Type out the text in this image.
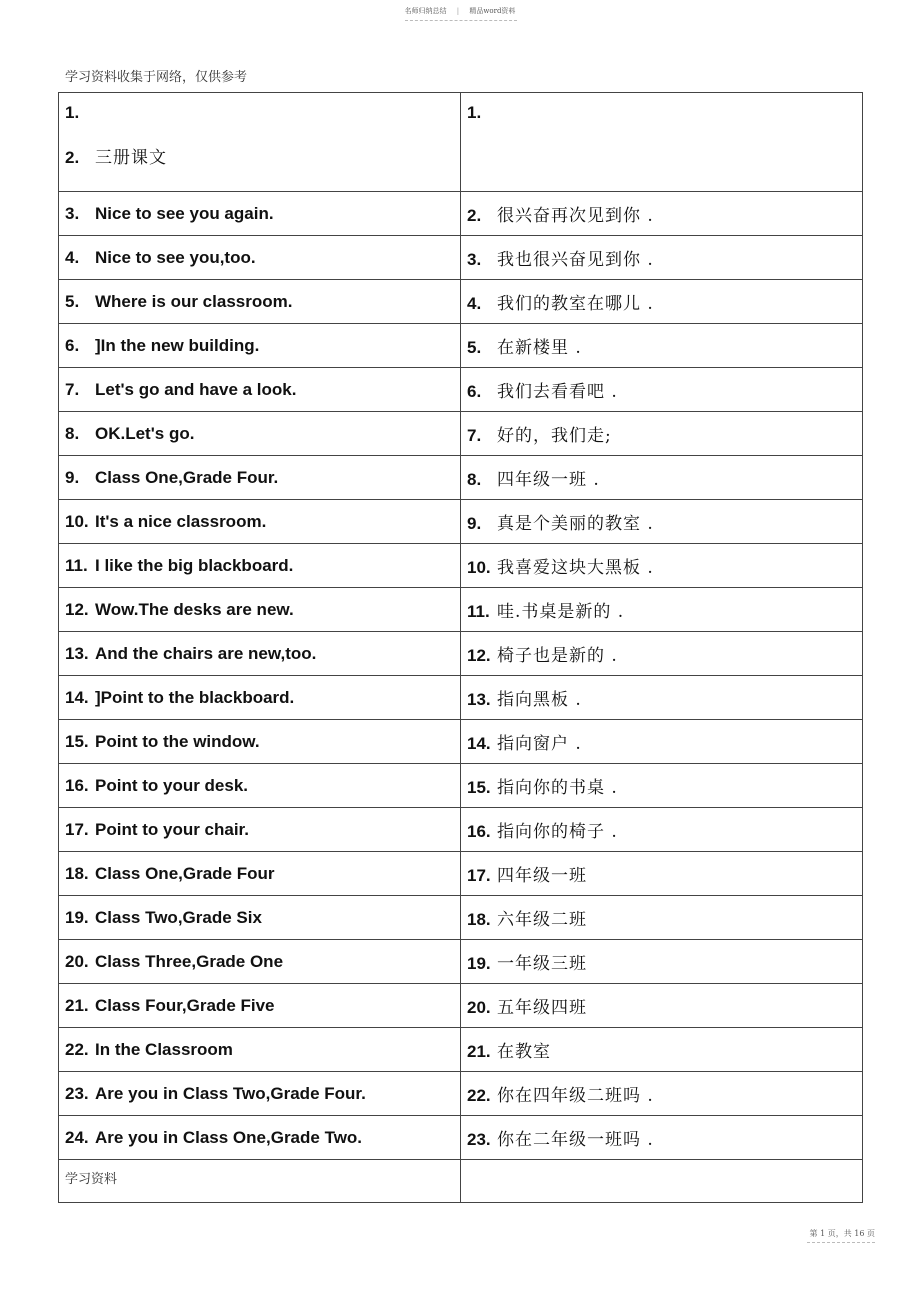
名师归纳总结 | 精品word资料
学习资料收集于网络，仅供参考
1.
2. 三册课文	1.

3. Nice to see you again.	2. 很兴奋再次见到你 .
4. Nice to see you,too.	3. 我也很兴奋见到你 .
5. Where is our classroom.	4. 我们的教室在哪儿 .
6. ]In the new building.	5. 在新楼里 .
7. Let's go and have a look.	6. 我们去看看吧 .
8. OK.Let's go.	7. 好的，我们走;
9. Class One,Grade Four.	8. 四年级一班 .
10. It's a nice classroom.	9. 真是个美丽的教室 .
11. I like the big blackboard.	10. 我喜爱这块大黑板 .
12. Wow.The desks are new.	11. 哇.书桌是新的 .
13. And the chairs are new,too.	12. 椅子也是新的 .
14. ]Point to the blackboard.	13. 指向黑板 .
15. Point to the window.	14. 指向窗户 .
16. Point to your desk.	15. 指向你的书桌 .
17. Point to your chair.	16. 指向你的椅子 .
18. Class One,Grade Four	17. 四年级一班
19. Class Two,Grade Six	18. 六年级二班
20. Class Three,Grade One	19. 一年级三班
21. Class Four,Grade Five	20. 五年级四班
22. In the Classroom	21. 在教室
23. Are you in Class Two,Grade Four.	22. 你在四年级二班吗 .
24. Are you in Class One,Grade Two.	23. 你在二年级一班吗 .

学习资料
第 1 页，共 16 页
